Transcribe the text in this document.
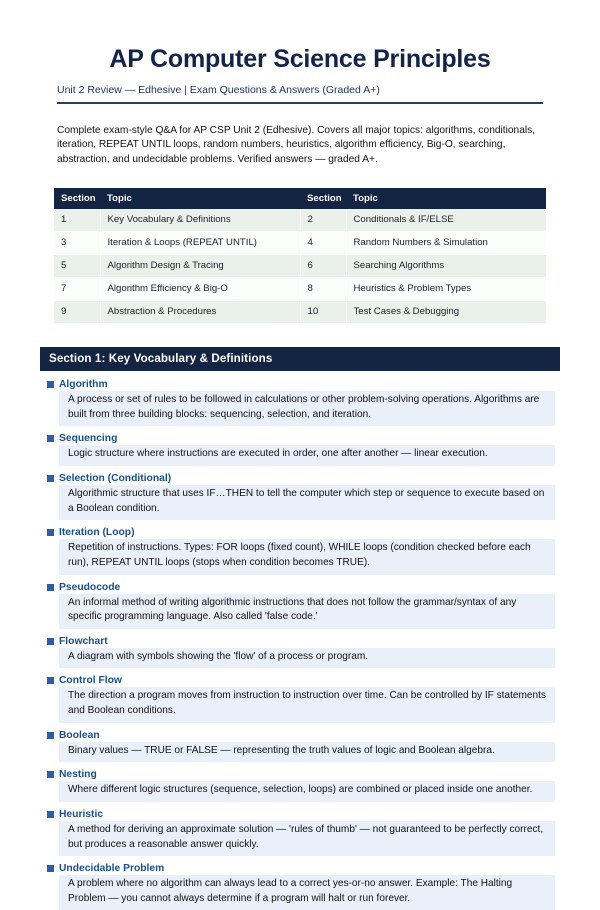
AP Computer Science Principles
Unit 2 Review — Edhesive | Exam Questions & Answers (Graded A+)

Complete exam-style Q&A for AP CSP Unit 2 (Edhesive). Covers all major topics: algorithms, conditionals, iteration, REPEAT UNTIL loops, random numbers, heuristics, algorithm efficiency, Big-O, searching, abstraction, and undecidable problems. Verified answers — graded A+.

Section	Topic	Section	Topic
1	Key Vocabulary & Definitions	2	Conditionals & IF/ELSE
3	Iteration & Loops (REPEAT UNTIL)	4	Random Numbers & Simulation
5	Algorithm Design & Tracing	6	Searching Algorithms
7	Algorithm Efficiency & Big-O	8	Heuristics & Problem Types
9	Abstraction & Procedures	10	Test Cases & Debugging
Section 1: Key Vocabulary & Definitions
Algorithm
A process or set of rules to be followed in calculations or other problem-solving operations. Algorithms are built from three building blocks: sequencing, selection, and iteration.
Sequencing
Logic structure where instructions are executed in order, one after another — linear execution.
Selection (Conditional)
Algorithmic structure that uses IF…THEN to tell the computer which step or sequence to execute based on a Boolean condition.
Iteration (Loop)
Repetition of instructions. Types: FOR loops (fixed count), WHILE loops (condition checked before each run), REPEAT UNTIL loops (stops when condition becomes TRUE).
Pseudocode
An informal method of writing algorithmic instructions that does not follow the grammar/syntax of any specific programming language. Also called 'false code.'
Flowchart
A diagram with symbols showing the 'flow' of a process or program.
Control Flow
The direction a program moves from instruction to instruction over time. Can be controlled by IF statements and Boolean conditions.
Boolean
Binary values — TRUE or FALSE — representing the truth values of logic and Boolean algebra.
Nesting
Where different logic structures (sequence, selection, loops) are combined or placed inside one another.
Heuristic
A method for deriving an approximate solution — 'rules of thumb' — not guaranteed to be perfectly correct, but produces a reasonable answer quickly.
Undecidable Problem
A problem where no algorithm can always lead to a correct yes-or-no answer. Example: The Halting Problem — you cannot always determine if a program will halt or run forever.
